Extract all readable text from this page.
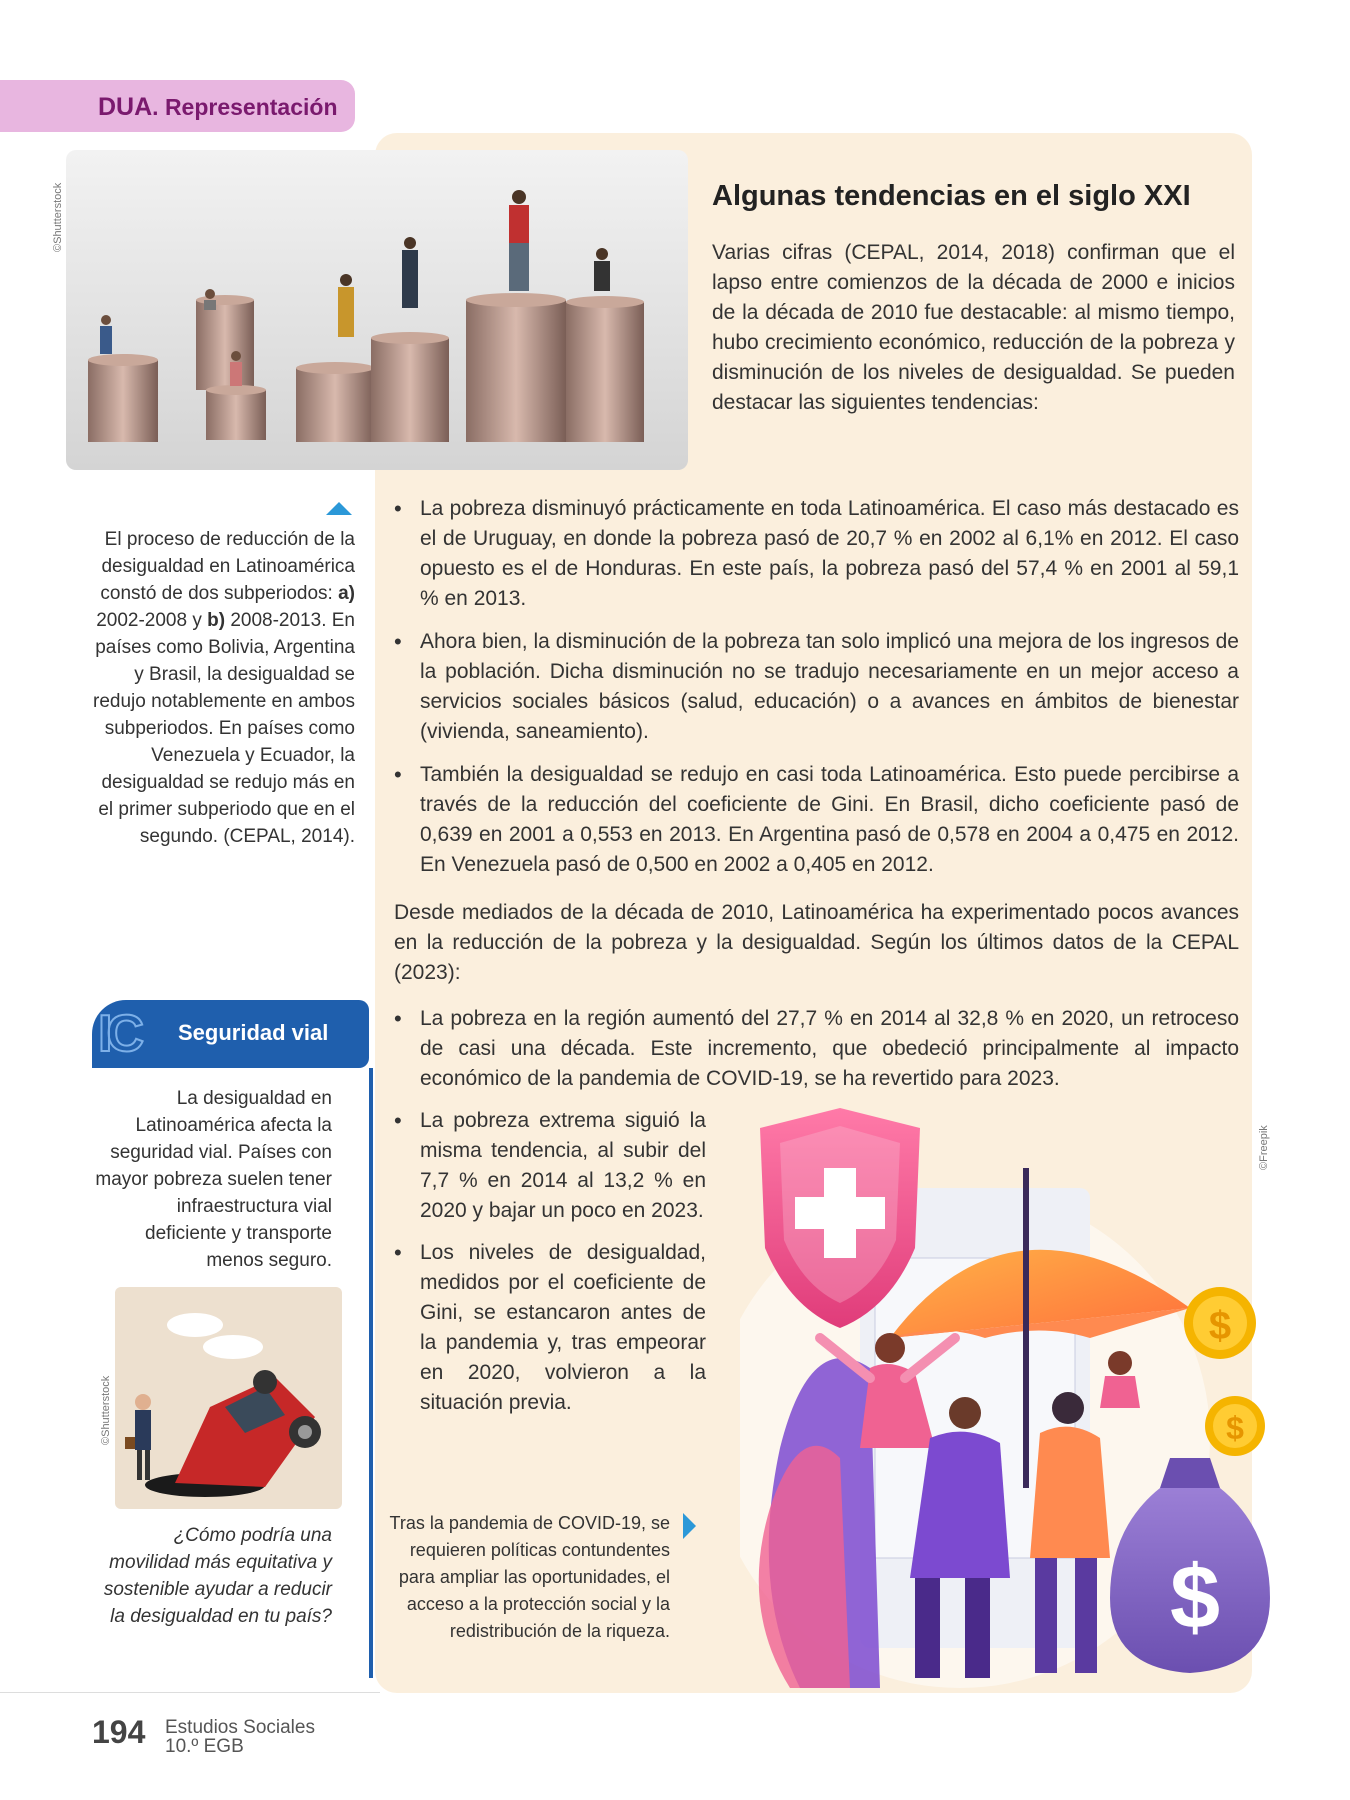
DUA. Representación
©Shutterstock	Algunas tendencias en el siglo XXI

Varias cifras (CEPAL, 2014, 2018) confirman que el lapso entre comienzos de la década de 2000 e inicios de la década de 2010 fue destacable: al mismo tiempo, hubo crecimiento económico, reducción de la pobreza y disminución de los niveles de desigualdad. Se pueden destacar las siguientes tendencias:

• La pobreza disminuyó prácticamente en toda Latinoamérica. El caso más destacado es el de Uruguay, en donde la pobreza pasó de 20,7 % en 2002 al 6,1% en 2012. El caso opuesto es el de Honduras. En este país, la pobreza pasó del 57,4 % en 2001 al 59,1 % en 2013.
• Ahora bien, la disminución de la pobreza tan solo implicó una mejora de los ingresos de la población. Dicha disminución no se tradujo necesariamente en un mejor acceso a servicios sociales básicos (salud, educación) o a avances en ámbitos de bienestar (vivienda, saneamiento).
• También la desigualdad se redujo en casi toda Latinoamérica. Esto puede percibirse a través de la reducción del coeficiente de Gini. En Brasil, dicho coeficiente pasó de 0,639 en 2001 a 0,553 en 2013. En Argentina pasó de 0,578 en 2004 a 0,475 en 2012. En Venezuela pasó de 0,500 en 2002 a 0,405 en 2012.

Desde mediados de la década de 2010, Latinoamérica ha experimentado pocos avances en la reducción de la pobreza y la desigualdad. Según los últimos datos de la CEPAL (2023):

• La pobreza en la región aumentó del 27,7 % en 2014 al 32,8 % en 2020, un retroceso de casi una década. Este incremento, que obedeció principalmente al impacto económico de la pandemia de COVID-19, se ha revertido para 2023.
• La pobreza extrema siguió la misma tendencia, al subir del 7,7 % en 2014 al 13,2 % en 2020 y bajar un poco en 2023.
• Los niveles de desigualdad, medidos por el coeficiente de Gini, se estancaron antes de la pandemia y, tras empeorar en 2020, volvieron a la situación previa.

El proceso de reducción de la desigualdad en Latinoamérica constó de dos subperiodos: a) 2002-2008 y b) 2008-2013. En países como Bolivia, Argentina y Brasil, la desigualdad se redujo notablemente en ambos subperiodos. En países como Venezuela y Ecuador, la desigualdad se redujo más en el primer subperiodo que en el segundo. (CEPAL, 2014).

IC Seguridad vial

La desigualdad en Latinoamérica afecta la seguridad vial. Países con mayor pobreza suelen tener infraestructura vial deficiente y transporte menos seguro.

©Shutterstock

¿Cómo podría una movilidad más equitativa y sostenible ayudar a reducir la desigualdad en tu país?

Tras la pandemia de COVID-19, se requieren políticas contundentes para ampliar las oportunidades, el acceso a la protección social y la redistribución de la riqueza.

©Freepik
$
$
$
194 Estudios Sociales
10.º EGB
